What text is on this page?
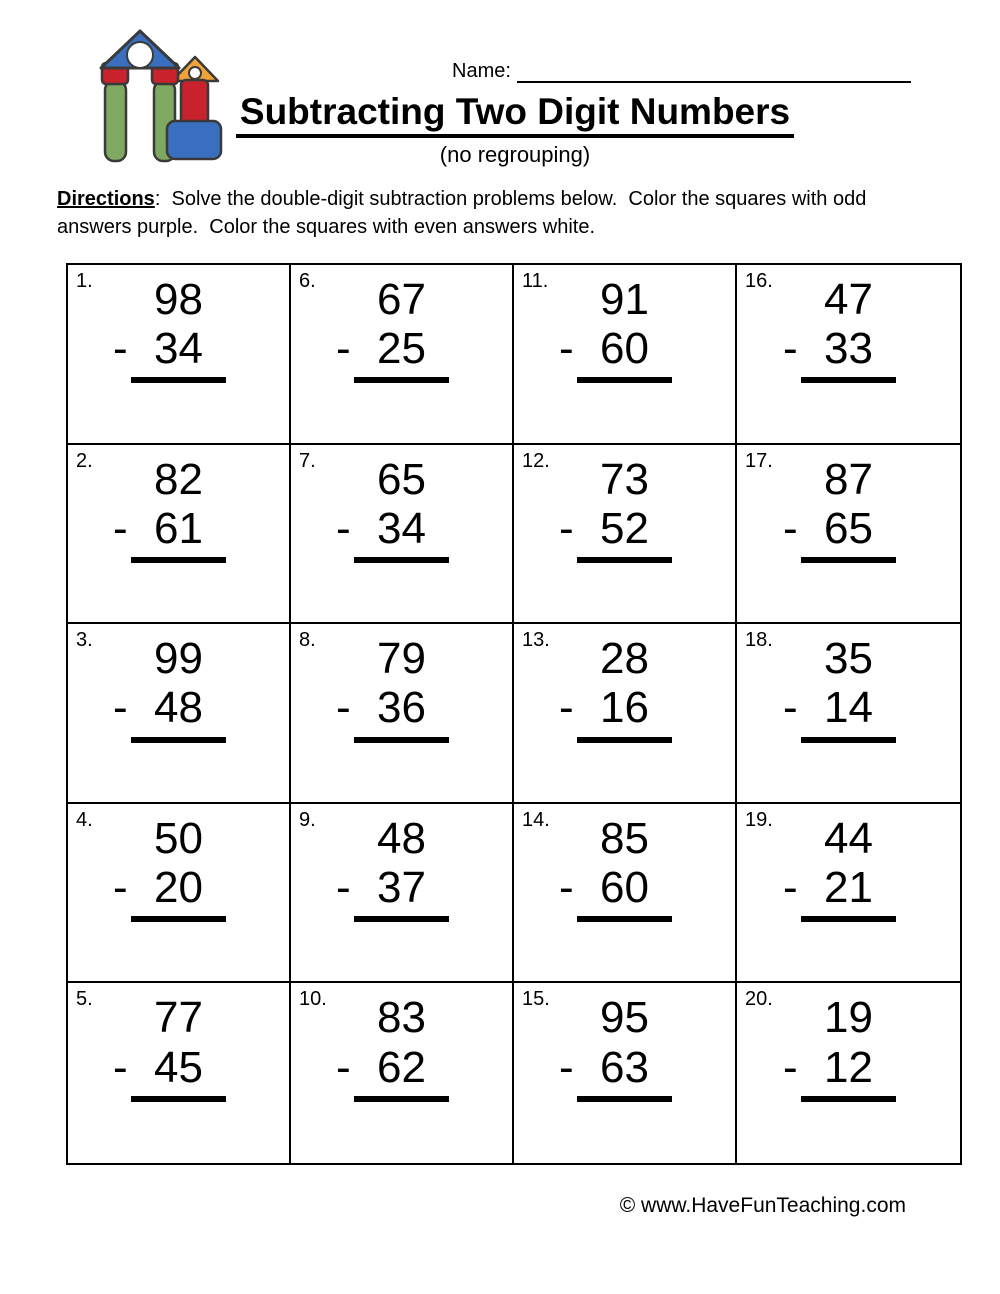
Name:
Subtracting Two Digit Numbers
(no regrouping)
Directions:  Solve the double-digit subtraction problems below.  Color the squares with odd answers purple.  Color the squares with even answers white.
1.	98
- 34
6.	67
- 25
11.	91
- 60
16.	47
- 33
2.	82
- 61
7.	65
- 34
12.	73
- 52
17.	87
- 65
3.	99
- 48
8.	79
- 36
13.	28
- 16
18.	35
- 14
4.	50
- 20
9.	48
- 37
14.	85
- 60
19.	44
- 21
5.	77
- 45
10.	83
- 62
15.	95
- 63
20.	19
- 12
© www.HaveFunTeaching.com
